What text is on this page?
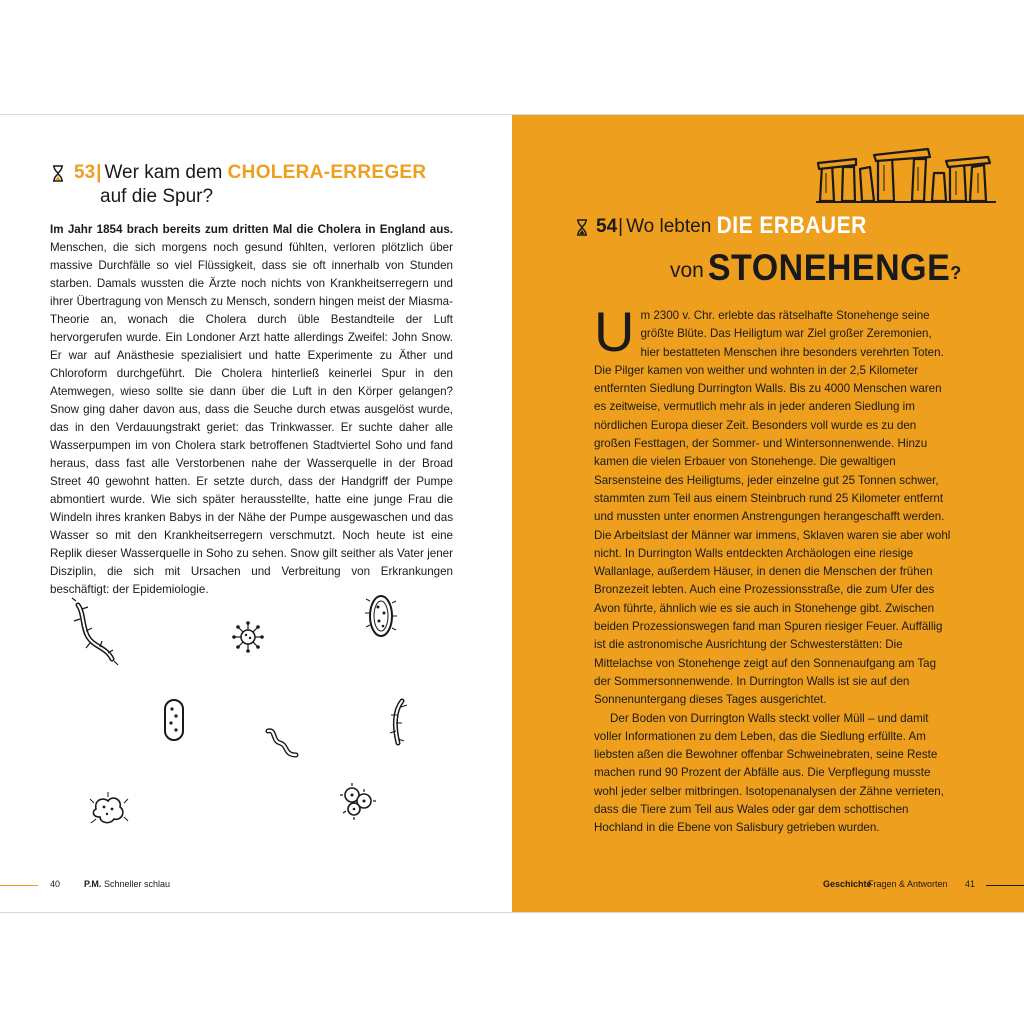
53| Wer kam dem CHOLERA-ERREGER
auf die Spur?
Im Jahr 1854 brach bereits zum dritten Mal die Cholera in England aus. Menschen, die sich morgens noch gesund fühlten, verloren plötzlich über massive Durchfälle so viel Flüssigkeit, dass sie oft innerhalb von Stunden starben. Damals wussten die Ärzte noch nichts von Krankheitserregern und ihrer Übertragung von Mensch zu Mensch, sondern hingen meist der Miasma-Theorie an, wonach die Cholera durch üble Bestandteile der Luft hervorgerufen wurde. Ein Londoner Arzt hatte allerdings Zweifel: John Snow. Er war auf Anästhesie spezialisiert und hatte Experimente zu Äther und Chloroform durchgeführt. Die Cholera hinterließ keinerlei Spur in den Atemwegen, wieso sollte sie dann über die Luft in den Körper gelangen? Snow ging daher davon aus, dass die Seuche durch etwas ausgelöst wurde, das in den Verdauungstrakt geriet: das Trinkwasser. Er suchte daher alle Wasserpumpen im von Cholera stark betroffenen Stadtviertel Soho und fand heraus, dass fast alle Verstorbenen nahe der Wasserquelle in der Broad Street 40 gewohnt hatten. Er setzte durch, dass der Handgriff der Pumpe abmontiert wurde. Wie sich später herausstellte, hatte eine junge Frau die Windeln ihres kranken Babys in der Nähe der Pumpe ausgewaschen und das Wasser so mit den Krankheitserregern verschmutzt. Noch heute ist eine Replik dieser Wasserquelle in Soho zu sehen. Snow gilt seither als Vater jener Disziplin, die sich mit Ursachen und Verbreitung von Erkrankungen beschäftigt: der Epidemiologie.
40	P.M. Schneller schlau
54| Wo lebten DIE ERBAUER
von STONEHENGE?

Um 2300 v. Chr. erlebte das rätselhafte Stonehenge seine größte Blüte. Das Heiligtum war Ziel großer Zeremonien, hier bestatteten Menschen ihre besonders verehrten Toten. Die Pilger kamen von weither und wohnten in der 2,5 Kilometer entfernten Siedlung Durrington Walls. Bis zu 4000 Menschen waren es zeitweise, vermutlich mehr als in jeder anderen Siedlung im nördlichen Europa dieser Zeit. Besonders voll wurde es zu den großen Festtagen, der Sommer- und Wintersonnenwende. Hinzu kamen die vielen Erbauer von Stonehenge. Die gewaltigen Sarsensteine des Heiligtums, jeder einzelne gut 25 Tonnen schwer, stammten zum Teil aus einem Steinbruch rund 25 Kilometer entfernt und mussten unter enormen Anstrengungen herangeschafft werden. Die Arbeitslast der Männer war immens, Sklaven waren sie aber wohl nicht. In Durrington Walls entdeckten Archäologen eine riesige Wallanlage, außerdem Häuser, in denen die Menschen der frühen Bronzezeit lebten. Auch eine Prozessionsstraße, die zum Ufer des Avon führte, ähnlich wie es sie auch in Stonehenge gibt. Zwischen beiden Prozessionswegen fand man Spuren riesiger Feuer. Auffällig ist die astronomische Ausrichtung der Schwesterstätten: Die Mittelachse von Stonehenge zeigt auf den Sonnenaufgang am Tag der Sommersonnenwende. In Durrington Walls ist sie auf den Sonnenuntergang dieses Tages ausgerichtet.

Der Boden von Durrington Walls steckt voller Müll – und damit voller Informationen zu dem Leben, das die Siedlung erfüllte. Am liebsten aßen die Bewohner offenbar Schweinebraten, seine Reste machen rund 90 Prozent der Abfälle aus. Die Verpflegung musste wohl jeder selber mitbringen. Isotopenanalysen der Zähne verrieten, dass die Tiere zum Teil aus Wales oder gar dem schottischen Hochland in die Ebene von Salisbury getrieben wurden.

Geschichte
Fragen & Antworten 41
